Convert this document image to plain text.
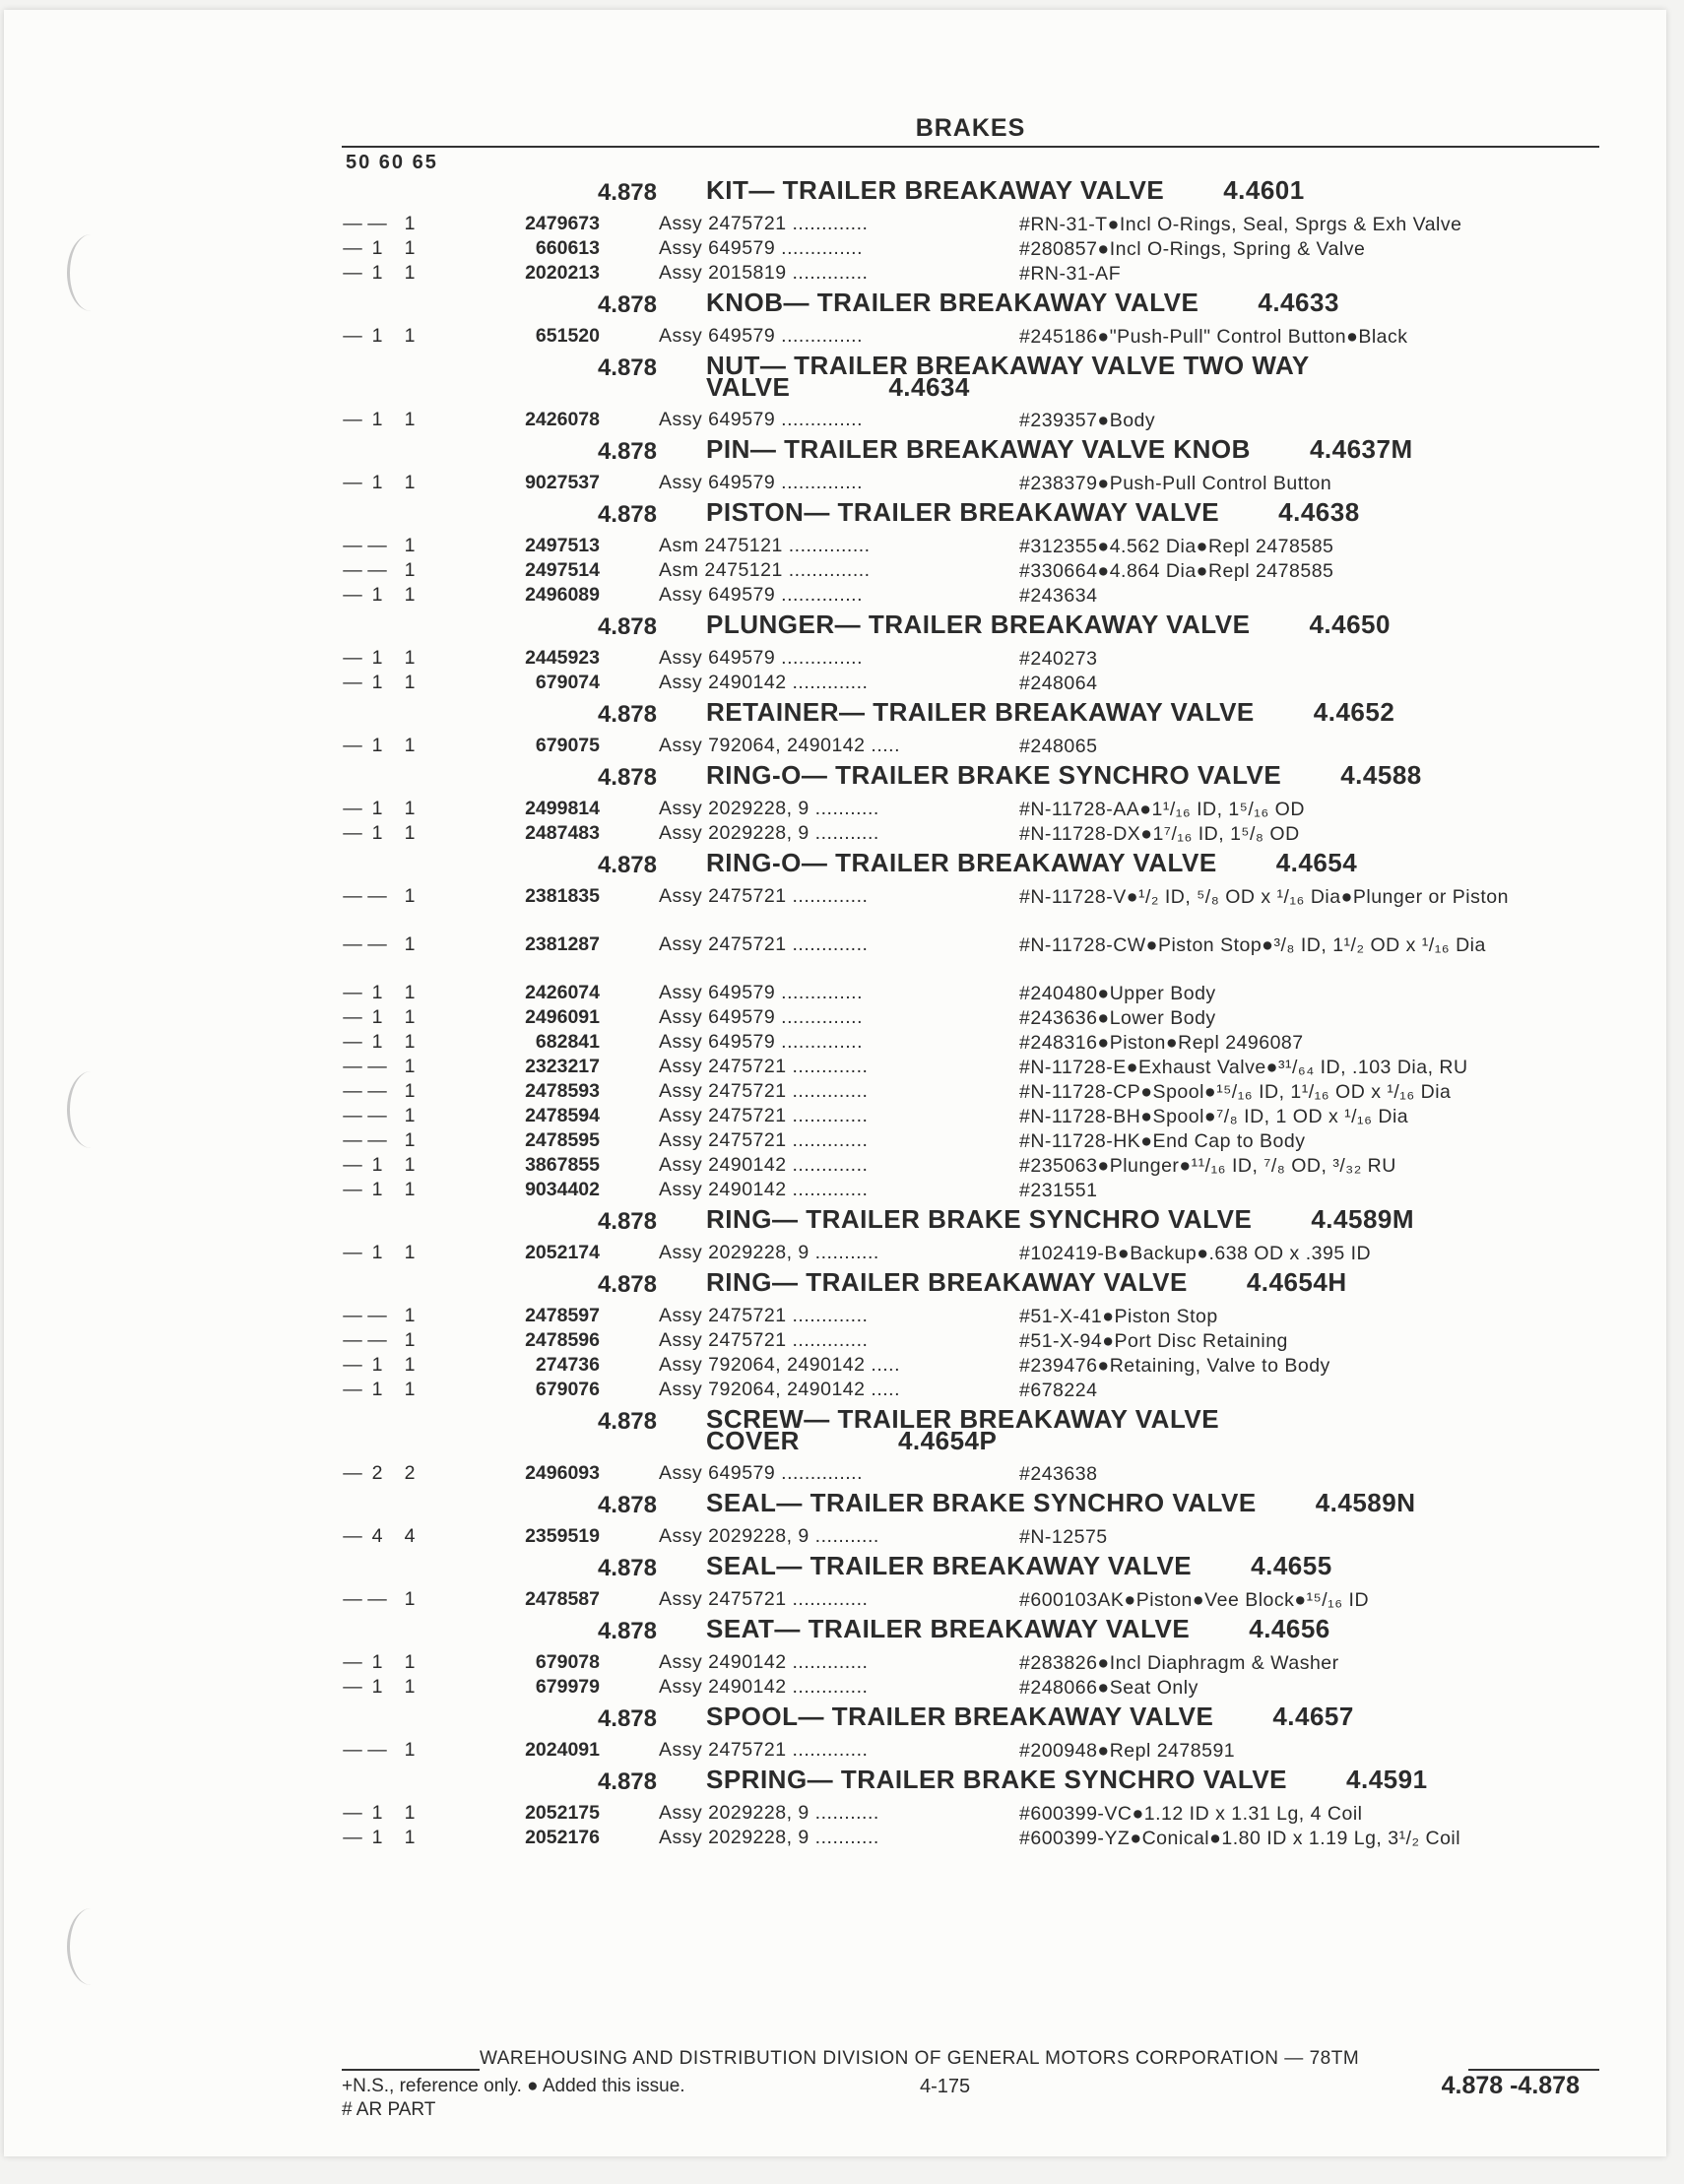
BRAKES
50 60 65
4.878 KIT— TRAILER BREAKAWAY VALVE 4.4601
— — 1	2479673	Assy 2475721 .............	#RN-31-T●Incl O-Rings, Seal, Sprgs & Exh Valve
— 1 1	660613	Assy 649579 ..............	#280857●Incl O-Rings, Spring & Valve
— 1 1	2020213	Assy 2015819 .............	#RN-31-AF
4.878 KNOB— TRAILER BREAKAWAY VALVE 4.4633
— 1 1	651520	Assy 649579 ..............	#245186●"Push-Pull" Control Button●Black
4.878 NUT— TRAILER BREAKAWAY VALVE TWO WAY
VALVE	4.4634
— 1 1	2426078	Assy 649579 ..............	#239357●Body
4.878 PIN— TRAILER BREAKAWAY VALVE KNOB 4.4637M
— 1 1	9027537	Assy 649579 ..............	#238379●Push-Pull Control Button
4.878 PISTON— TRAILER BREAKAWAY VALVE 4.4638
— — 1	2497513	Asm 2475121 ..............	#312355●4.562 Dia●Repl 2478585
— — 1	2497514	Asm 2475121 ..............	#330664●4.864 Dia●Repl 2478585
— 1 1	2496089	Assy 649579 ..............	#243634
4.878 PLUNGER— TRAILER BREAKAWAY VALVE 4.4650
— 1 1	2445923	Assy 649579 ..............	#240273
— 1 1	679074	Assy 2490142 .............	#248064
4.878 RETAINER— TRAILER BREAKAWAY VALVE 4.4652
— 1 1	679075	Assy 792064, 2490142 .....	#248065
4.878 RING-O— TRAILER BRAKE SYNCHRO VALVE 4.4588
— 1 1	2499814	Assy 2029228, 9 ...........	#N-11728-AA●1¹/₁₆ ID, 1⁵/₁₆ OD
— 1 1	2487483	Assy 2029228, 9 ...........	#N-11728-DX●1⁷/₁₆ ID, 1⁵/₈ OD
4.878 RING-O— TRAILER BREAKAWAY VALVE 4.4654
— — 1	2381835	Assy 2475721 .............	#N-11728-V●¹/₂ ID, ⁵/₈ OD x ¹/₁₆ Dia●Plunger or Piston
— — 1	2381287	Assy 2475721 .............	#N-11728-CW●Piston Stop●³/₈ ID, 1¹/₂ OD x ¹/₁₆ Dia
— 1 1	2426074	Assy 649579 ..............	#240480●Upper Body
— 1 1	2496091	Assy 649579 ..............	#243636●Lower Body
— 1 1	682841	Assy 649579 ..............	#248316●Piston●Repl 2496087
— — 1	2323217	Assy 2475721 .............	#N-11728-E●Exhaust Valve●³¹/₆₄ ID, .103 Dia, RU
— — 1	2478593	Assy 2475721 .............	#N-11728-CP●Spool●¹⁵/₁₆ ID, 1¹/₁₆ OD x ¹/₁₆ Dia
— — 1	2478594	Assy 2475721 .............	#N-11728-BH●Spool●⁷/₈ ID, 1 OD x ¹/₁₆ Dia
— — 1	2478595	Assy 2475721 .............	#N-11728-HK●End Cap to Body
— 1 1	3867855	Assy 2490142 .............	#235063●Plunger●¹¹/₁₆ ID, ⁷/₈ OD, ³/₃₂ RU
— 1 1	9034402	Assy 2490142 .............	#231551
4.878 RING— TRAILER BRAKE SYNCHRO VALVE 4.4589M
— 1 1	2052174	Assy 2029228, 9 ...........	#102419-B●Backup●.638 OD x .395 ID
4.878 RING— TRAILER BREAKAWAY VALVE 4.4654H
— — 1	2478597	Assy 2475721 .............	#51-X-41●Piston Stop
— — 1	2478596	Assy 2475721 .............	#51-X-94●Port Disc Retaining
— 1 1	274736	Assy 792064, 2490142 .....	#239476●Retaining, Valve to Body
— 1 1	679076	Assy 792064, 2490142 .....	#678224
4.878 SCREW— TRAILER BREAKAWAY VALVE
COVER	4.4654P
— 2 2	2496093	Assy 649579 ..............	#243638
4.878 SEAL— TRAILER BRAKE SYNCHRO VALVE 4.4589N
— 4 4	2359519	Assy 2029228, 9 ...........	#N-12575
4.878 SEAL— TRAILER BREAKAWAY VALVE 4.4655
— — 1	2478587	Assy 2475721 .............	#600103AK●Piston●Vee Block●¹⁵/₁₆ ID
4.878 SEAT— TRAILER BREAKAWAY VALVE 4.4656
— 1 1	679078	Assy 2490142 .............	#283826●Incl Diaphragm & Washer
— 1 1	679979	Assy 2490142 .............	#248066●Seat Only
4.878 SPOOL— TRAILER BREAKAWAY VALVE 4.4657
— — 1	2024091	Assy 2475721 .............	#200948●Repl 2478591
4.878 SPRING— TRAILER BRAKE SYNCHRO VALVE 4.4591
— 1 1	2052175	Assy 2029228, 9 ...........	#600399-VC●1.12 ID x 1.31 Lg, 4 Coil
— 1 1	2052176	Assy 2029228, 9 ...........	#600399-YZ●Conical●1.80 ID x 1.19 Lg, 3¹/₂ Coil
WAREHOUSING AND DISTRIBUTION DIVISION OF GENERAL MOTORS CORPORATION — 78TM
+N.S., reference only. ● Added this issue.
# AR PART
4-175	4.878 -4.878
